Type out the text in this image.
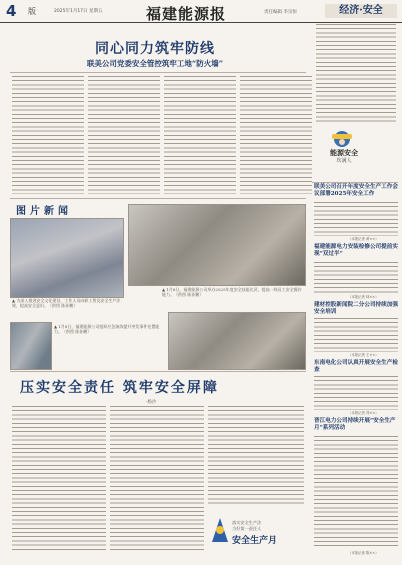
4 版	2025年1月17日 星期五	福建能源报	责任编辑 李宗恒	经济·安全
同心同力筑牢防线
联美公司党委安全管控筑牢工地“防火墙”
能源安全
坎满人
图片新闻
▲ 1月8日，福建能源公司举办2025年度安全技能比武，提高一线员工安全操作能力。（供图 陈孙鹏）
▲ 为深入推进安全文化建设，工作人员向职工普及安全生产法规，提高安全意识。（供图 陈孙鹏）
▲ 1月8日，福建能源公司组织应急演练提升突发事件处置能力。（供图 陈孙鹏）
联美公司召开年度安全生产工作会议部署2025年安全工作
（本报记者 黄××）
福建能源电力安装检修公司提前实现“双过半”
（本报记者 林××）
建材控股新闻院二分公司持续加强安全培训
（本报记者 王××）
东南电化公司认真开展安全生产检查
（本报记者 郑××）
晋江电力公司持续开展“安全生产月”系列活动
（本报记者 陈××）
压实安全责任 筑牢安全屏障
·杨沙
落实安全生产法
当好第一责任人
安全生产月
